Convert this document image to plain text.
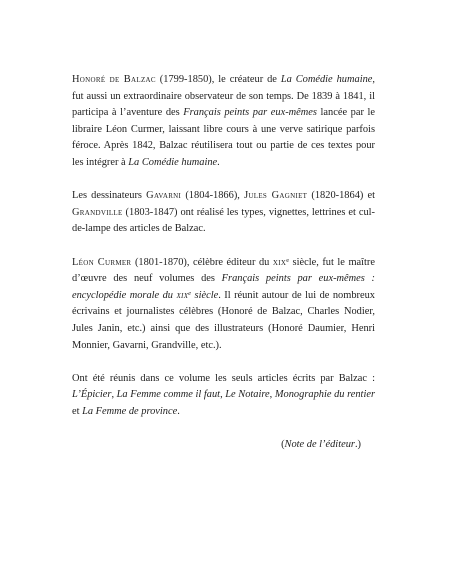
Honoré de Balzac (1799-1850), le créateur de La Comédie humaine, fut aussi un extraordinaire observateur de son temps. De 1839 à 1841, il participa à l’aventure des Français peints par eux-mêmes lancée par le libraire Léon Curmer, laissant libre cours à une verve satirique parfois féroce. Après 1842, Balzac réutilisera tout ou partie de ces textes pour les intégrer à La Comédie humaine.

Les dessinateurs Gavarni (1804-1866), Jules Gagniet (1820-1864) et Grandville (1803-1847) ont réalisé les types, vignettes, lettrines et cul-de-lampe des articles de Balzac.

Léon Curmer (1801-1870), célèbre éditeur du xix$^e$ siècle, fut le maître d’œuvre des neuf volumes des Français peints par eux-mêmes : encyclopédie morale du xix$^e$ siècle. Il réunit autour de lui de nombreux écrivains et journalistes célèbres (Honoré de Balzac, Charles Nodier, Jules Janin, etc.) ainsi que des illustrateurs (Honoré Daumier, Henri Monnier, Gavarni, Grandville, etc.).

Ont été réunis dans ce volume les seuls articles écrits par Balzac : L’Épicier, La Femme comme il faut, Le Notaire, Monographie du rentier et La Femme de province.

(Note de l’éditeur.)
